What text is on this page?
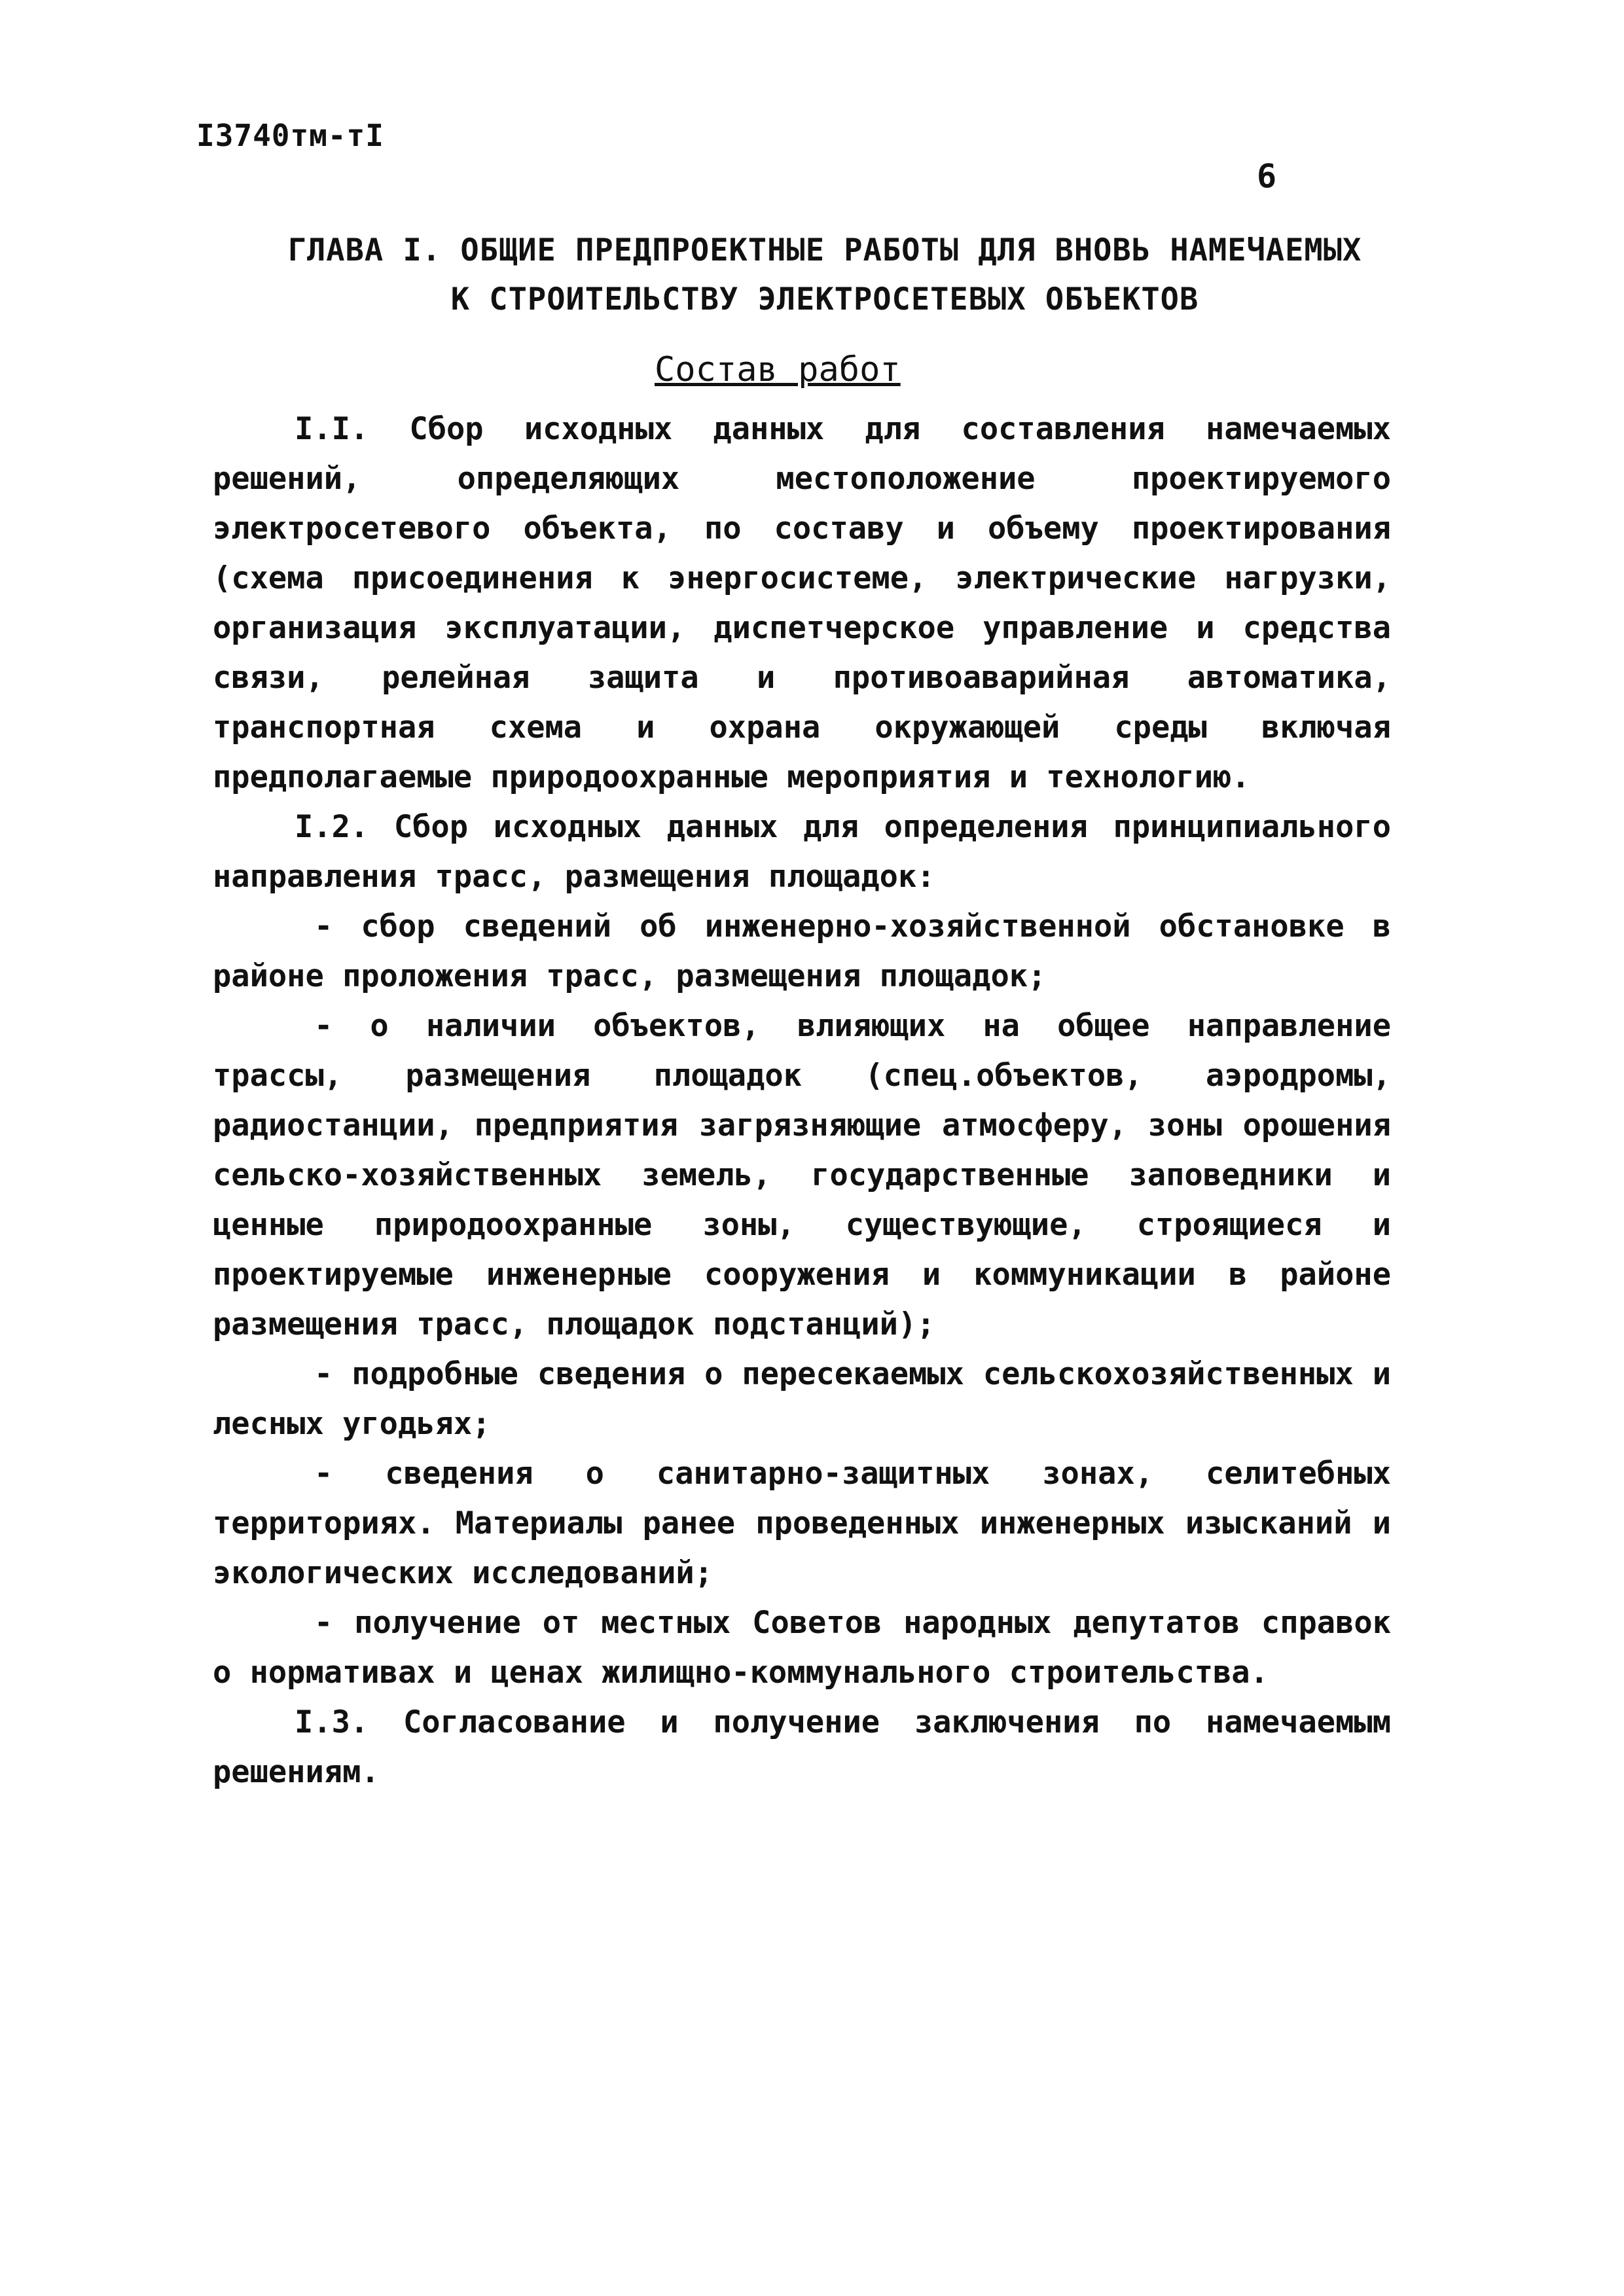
I3740тм-тI
6
ГЛАВА I. ОБЩИЕ ПРЕДПРОЕКТНЫЕ РАБОТЫ ДЛЯ ВНОВЬ НАМЕЧАЕМЫХ
К СТРОИТЕЛЬСТВУ ЭЛЕКТРОСЕТЕВЫХ ОБЪЕКТОВ
Состав работ

I.I. Сбор исходных данных для составления намечаемых решений, определяющих местоположение проектируемого электросетевого объекта, по составу и объему проектирования (схема присоединения к энергосистеме, электрические нагрузки, организация эксплуатации, диспетчерское управление и средства связи, релейная защита и противоаварийная автоматика, транспортная схема и охрана окружающей среды включая предполагаемые природоохранные мероприятия и технологию.

I.2. Сбор исходных данных для определения принципиального направления трасс, размещения площадок:

- сбор сведений об инженерно-хозяйственной обстановке в районе проложения трасс, размещения площадок;

- о наличии объектов, влияющих на общее направление трассы, размещения площадок (спец.объектов, аэродромы, радиостанции, предприятия загрязняющие атмосферу, зоны орошения сельско-хозяйственных земель, государственные заповедники и ценные природоохранные зоны, существующие, строящиеся и проектируемые инженерные сооружения и коммуникации в районе размещения трасс, площадок подстанций);

- подробные сведения о пересекаемых сельскохозяйственных и лесных угодьях;

- сведения о санитарно-защитных зонах, селитебных территориях. Материалы ранее проведенных инженерных изысканий и экологических исследований;

- получение от местных Советов народных депутатов справок о нормативах и ценах жилищно-коммунального строительства.

I.3. Согласование и получение заключения по намечаемым решениям.
